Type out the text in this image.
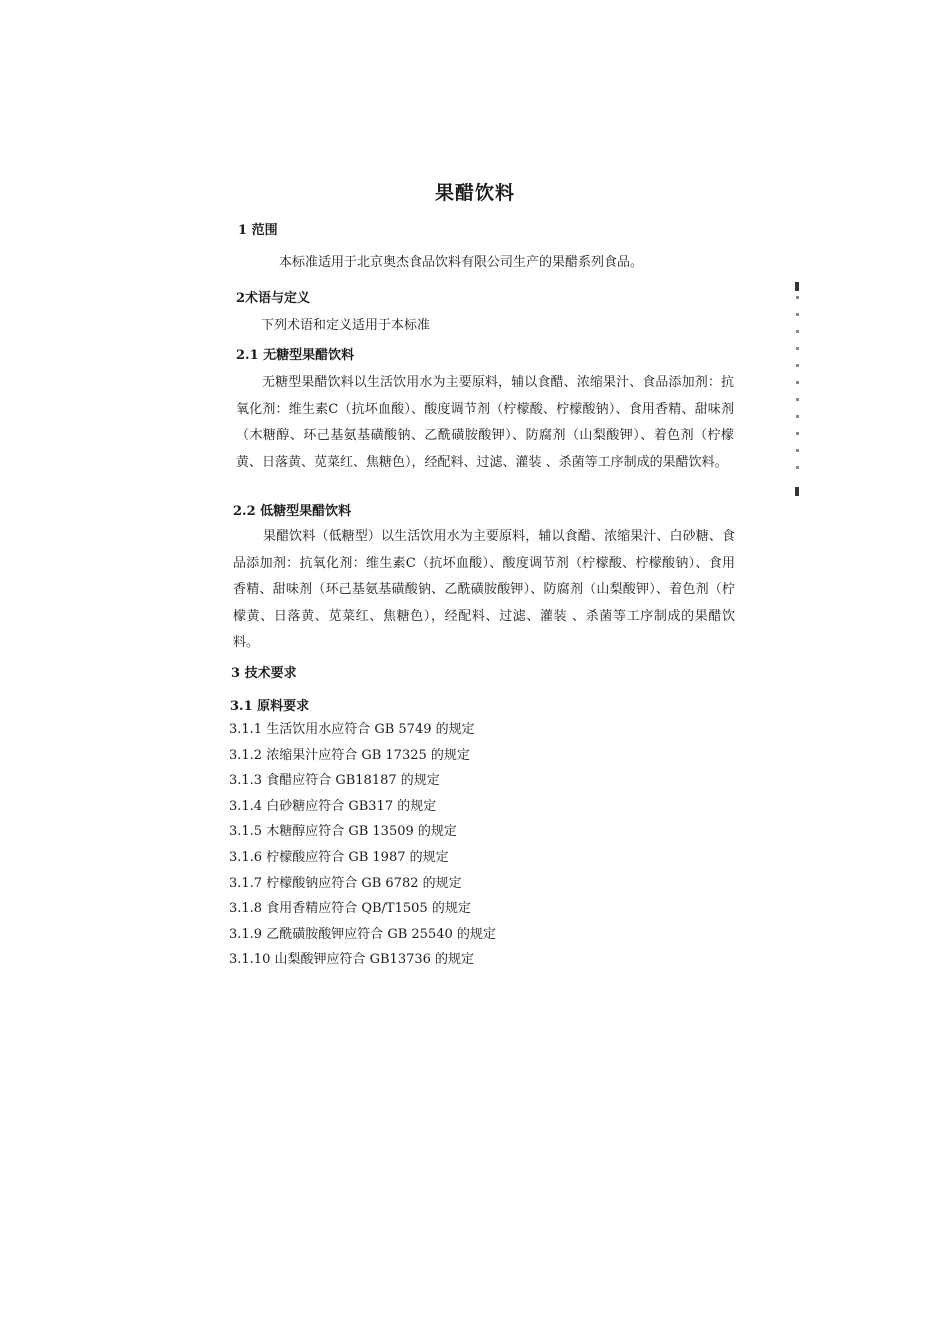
果醋饮料
1 范围
本标准适用于北京奥杰食品饮料有限公司生产的果醋系列食品。
2术语与定义
下列术语和定义适用于本标准
2.1 无糖型果醋饮料
无糖型果醋饮料以生活饮用水为主要原料，辅以食醋、浓缩果汁、食品添加剂：抗氧化剂：维生素C（抗坏血酸）、酸度调节剂（柠檬酸、柠檬酸钠）、食用香精、甜味剂（木糖醇、环己基氨基磺酸钠、乙酰磺胺酸钾）、防腐剂（山梨酸钾）、着色剂（柠檬黄、日落黄、苋菜红、焦糖色），经配料、过滤、灌装 、杀菌等工序制成的果醋饮料。
2.2 低糖型果醋饮料
果醋饮料（低糖型）以生活饮用水为主要原料，辅以食醋、浓缩果汁、白砂糖、食品添加剂：抗氧化剂：维生素C（抗坏血酸）、酸度调节剂（柠檬酸、柠檬酸钠）、食用香精、甜味剂（环己基氨基磺酸钠、乙酰磺胺酸钾）、防腐剂（山梨酸钾）、着色剂（柠檬黄、日落黄、苋菜红、焦糖色），经配料、过滤、灌装 、杀菌等工序制成的果醋饮料。
3 技术要求
3.1 原料要求
3.1.1 生活饮用水应符合 GB 5749 的规定
3.1.2 浓缩果汁应符合 GB 17325 的规定
3.1.3 食醋应符合 GB18187 的规定
3.1.4 白砂糖应符合 GB317 的规定
3.1.5 木糖醇应符合 GB 13509 的规定
3.1.6 柠檬酸应符合 GB 1987 的规定
3.1.7 柠檬酸钠应符合 GB 6782 的规定
3.1.8 食用香精应符合 QB/T1505 的规定
3.1.9 乙酰磺胺酸钾应符合 GB 25540 的规定
3.1.10 山梨酸钾应符合 GB13736 的规定
